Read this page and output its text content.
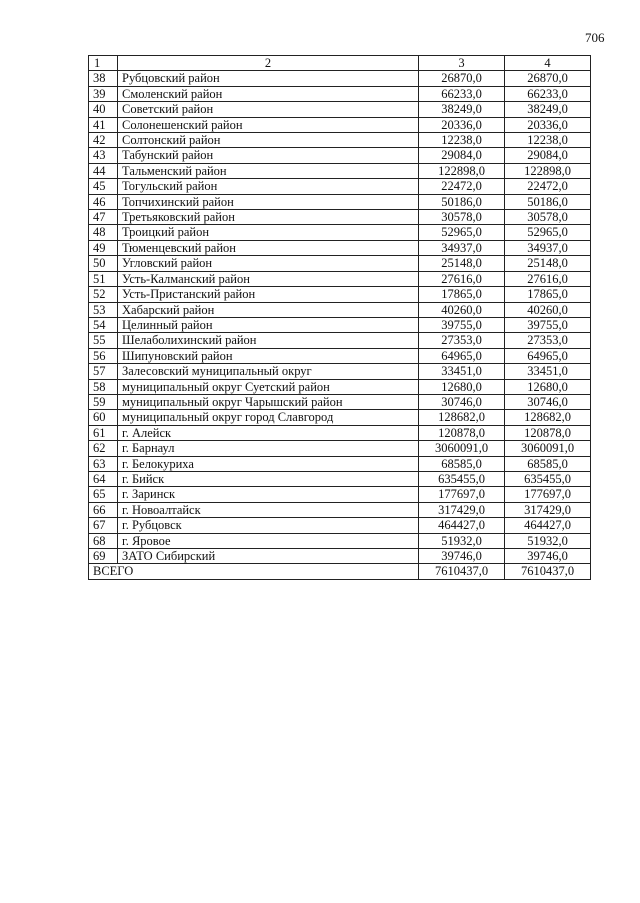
706
1	2	3	4
38	Рубцовский район	26870,0	26870,0
39	Смоленский район	66233,0	66233,0
40	Советский район	38249,0	38249,0
41	Солонешенский район	20336,0	20336,0
42	Солтонский район	12238,0	12238,0
43	Табунский район	29084,0	29084,0
44	Тальменский район	122898,0	122898,0
45	Тогульский район	22472,0	22472,0
46	Топчихинский район	50186,0	50186,0
47	Третьяковский район	30578,0	30578,0
48	Троицкий район	52965,0	52965,0
49	Тюменцевский район	34937,0	34937,0
50	Угловский район	25148,0	25148,0
51	Усть-Калманский район	27616,0	27616,0
52	Усть-Пристанский район	17865,0	17865,0
53	Хабарский район	40260,0	40260,0
54	Целинный район	39755,0	39755,0
55	Шелаболихинский район	27353,0	27353,0
56	Шипуновский район	64965,0	64965,0
57	Залесовский муниципальный округ	33451,0	33451,0
58	муниципальный округ Суетский район	12680,0	12680,0
59	муниципальный округ Чарышский район	30746,0	30746,0
60	муниципальный округ город Славгород	128682,0	128682,0
61	г. Алейск	120878,0	120878,0
62	г. Барнаул	3060091,0	3060091,0
63	г. Белокуриха	68585,0	68585,0
64	г. Бийск	635455,0	635455,0
65	г. Заринск	177697,0	177697,0
66	г. Новоалтайск	317429,0	317429,0
67	г. Рубцовск	464427,0	464427,0
68	г. Яровое	51932,0	51932,0
69	ЗАТО Сибирский	39746,0	39746,0
ВСЕГО		7610437,0	7610437,0
